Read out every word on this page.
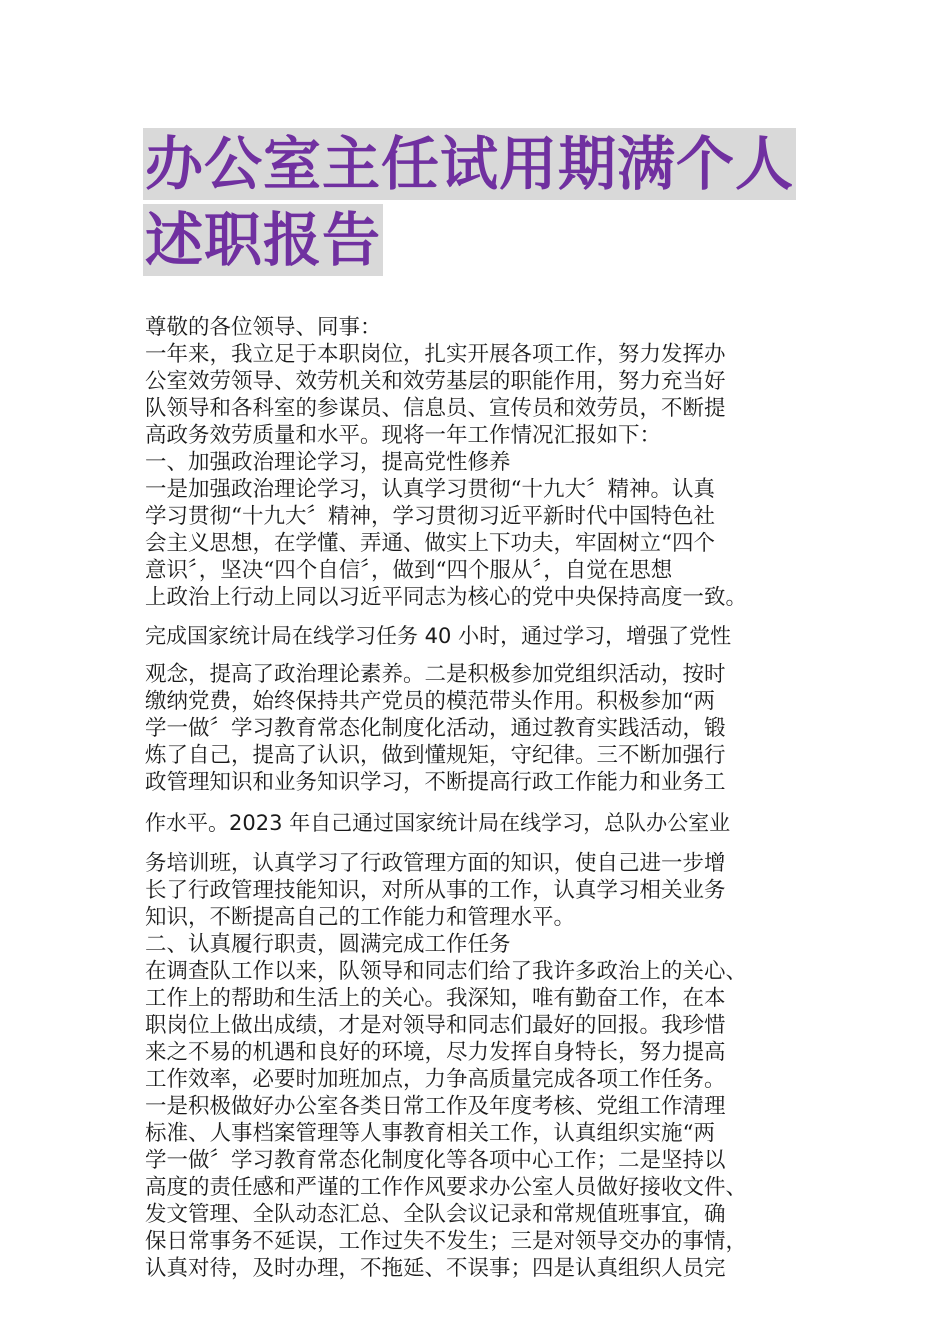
办公室主任试用期满个人
述职报告
尊敬的各位领导、同事：
一年来，我立足于本职岗位，扎实开展各项工作，努力发挥办
公室效劳领导、效劳机关和效劳基层的职能作用，努力充当好
队领导和各科室的参谋员、信息员、宣传员和效劳员，不断提
高政务效劳质量和水平。现将一年工作情况汇报如下：
一、加强政治理论学习，提高党性修养
一是加强政治理论学习，认真学习贯彻“十九大〞精神。认真
学习贯彻“十九大〞精神，学习贯彻习近平新时代中国特色社
会主义思想，在学懂、弄通、做实上下功夫，牢固树立“四个
意识〞，坚决“四个自信〞，做到“四个服从〞，自觉在思想
上政治上行动上同以习近平同志为核心的党中央保持高度一致。
完成国家统计局在线学习任务 40 小时，通过学习，增强了党性
观念，提高了政治理论素养。二是积极参加党组织活动，按时
缴纳党费，始终保持共产党员的模范带头作用。积极参加“两
学一做〞学习教育常态化制度化活动，通过教育实践活动，锻
炼了自己，提高了认识，做到懂规矩，守纪律。三不断加强行
政管理知识和业务知识学习，不断提高行政工作能力和业务工
作水平。2023 年自己通过国家统计局在线学习，总队办公室业
务培训班，认真学习了行政管理方面的知识，使自己进一步增
长了行政管理技能知识，对所从事的工作，认真学习相关业务
知识，不断提高自己的工作能力和管理水平。
二、认真履行职责，圆满完成工作任务
在调查队工作以来，队领导和同志们给了我许多政治上的关心、
工作上的帮助和生活上的关心。我深知，唯有勤奋工作，在本
职岗位上做出成绩，才是对领导和同志们最好的回报。我珍惜
来之不易的机遇和良好的环境，尽力发挥自身特长，努力提高
工作效率，必要时加班加点，力争高质量完成各项工作任务。
一是积极做好办公室各类日常工作及年度考核、党组工作清理
标准、人事档案管理等人事教育相关工作，认真组织实施“两
学一做〞学习教育常态化制度化等各项中心工作；二是坚持以
高度的责任感和严谨的工作作风要求办公室人员做好接收文件、
发文管理、全队动态汇总、全队会议记录和常规值班事宜，确
保日常事务不延误，工作过失不发生；三是对领导交办的事情，
认真对待，及时办理，不拖延、不误事；四是认真组织人员完
